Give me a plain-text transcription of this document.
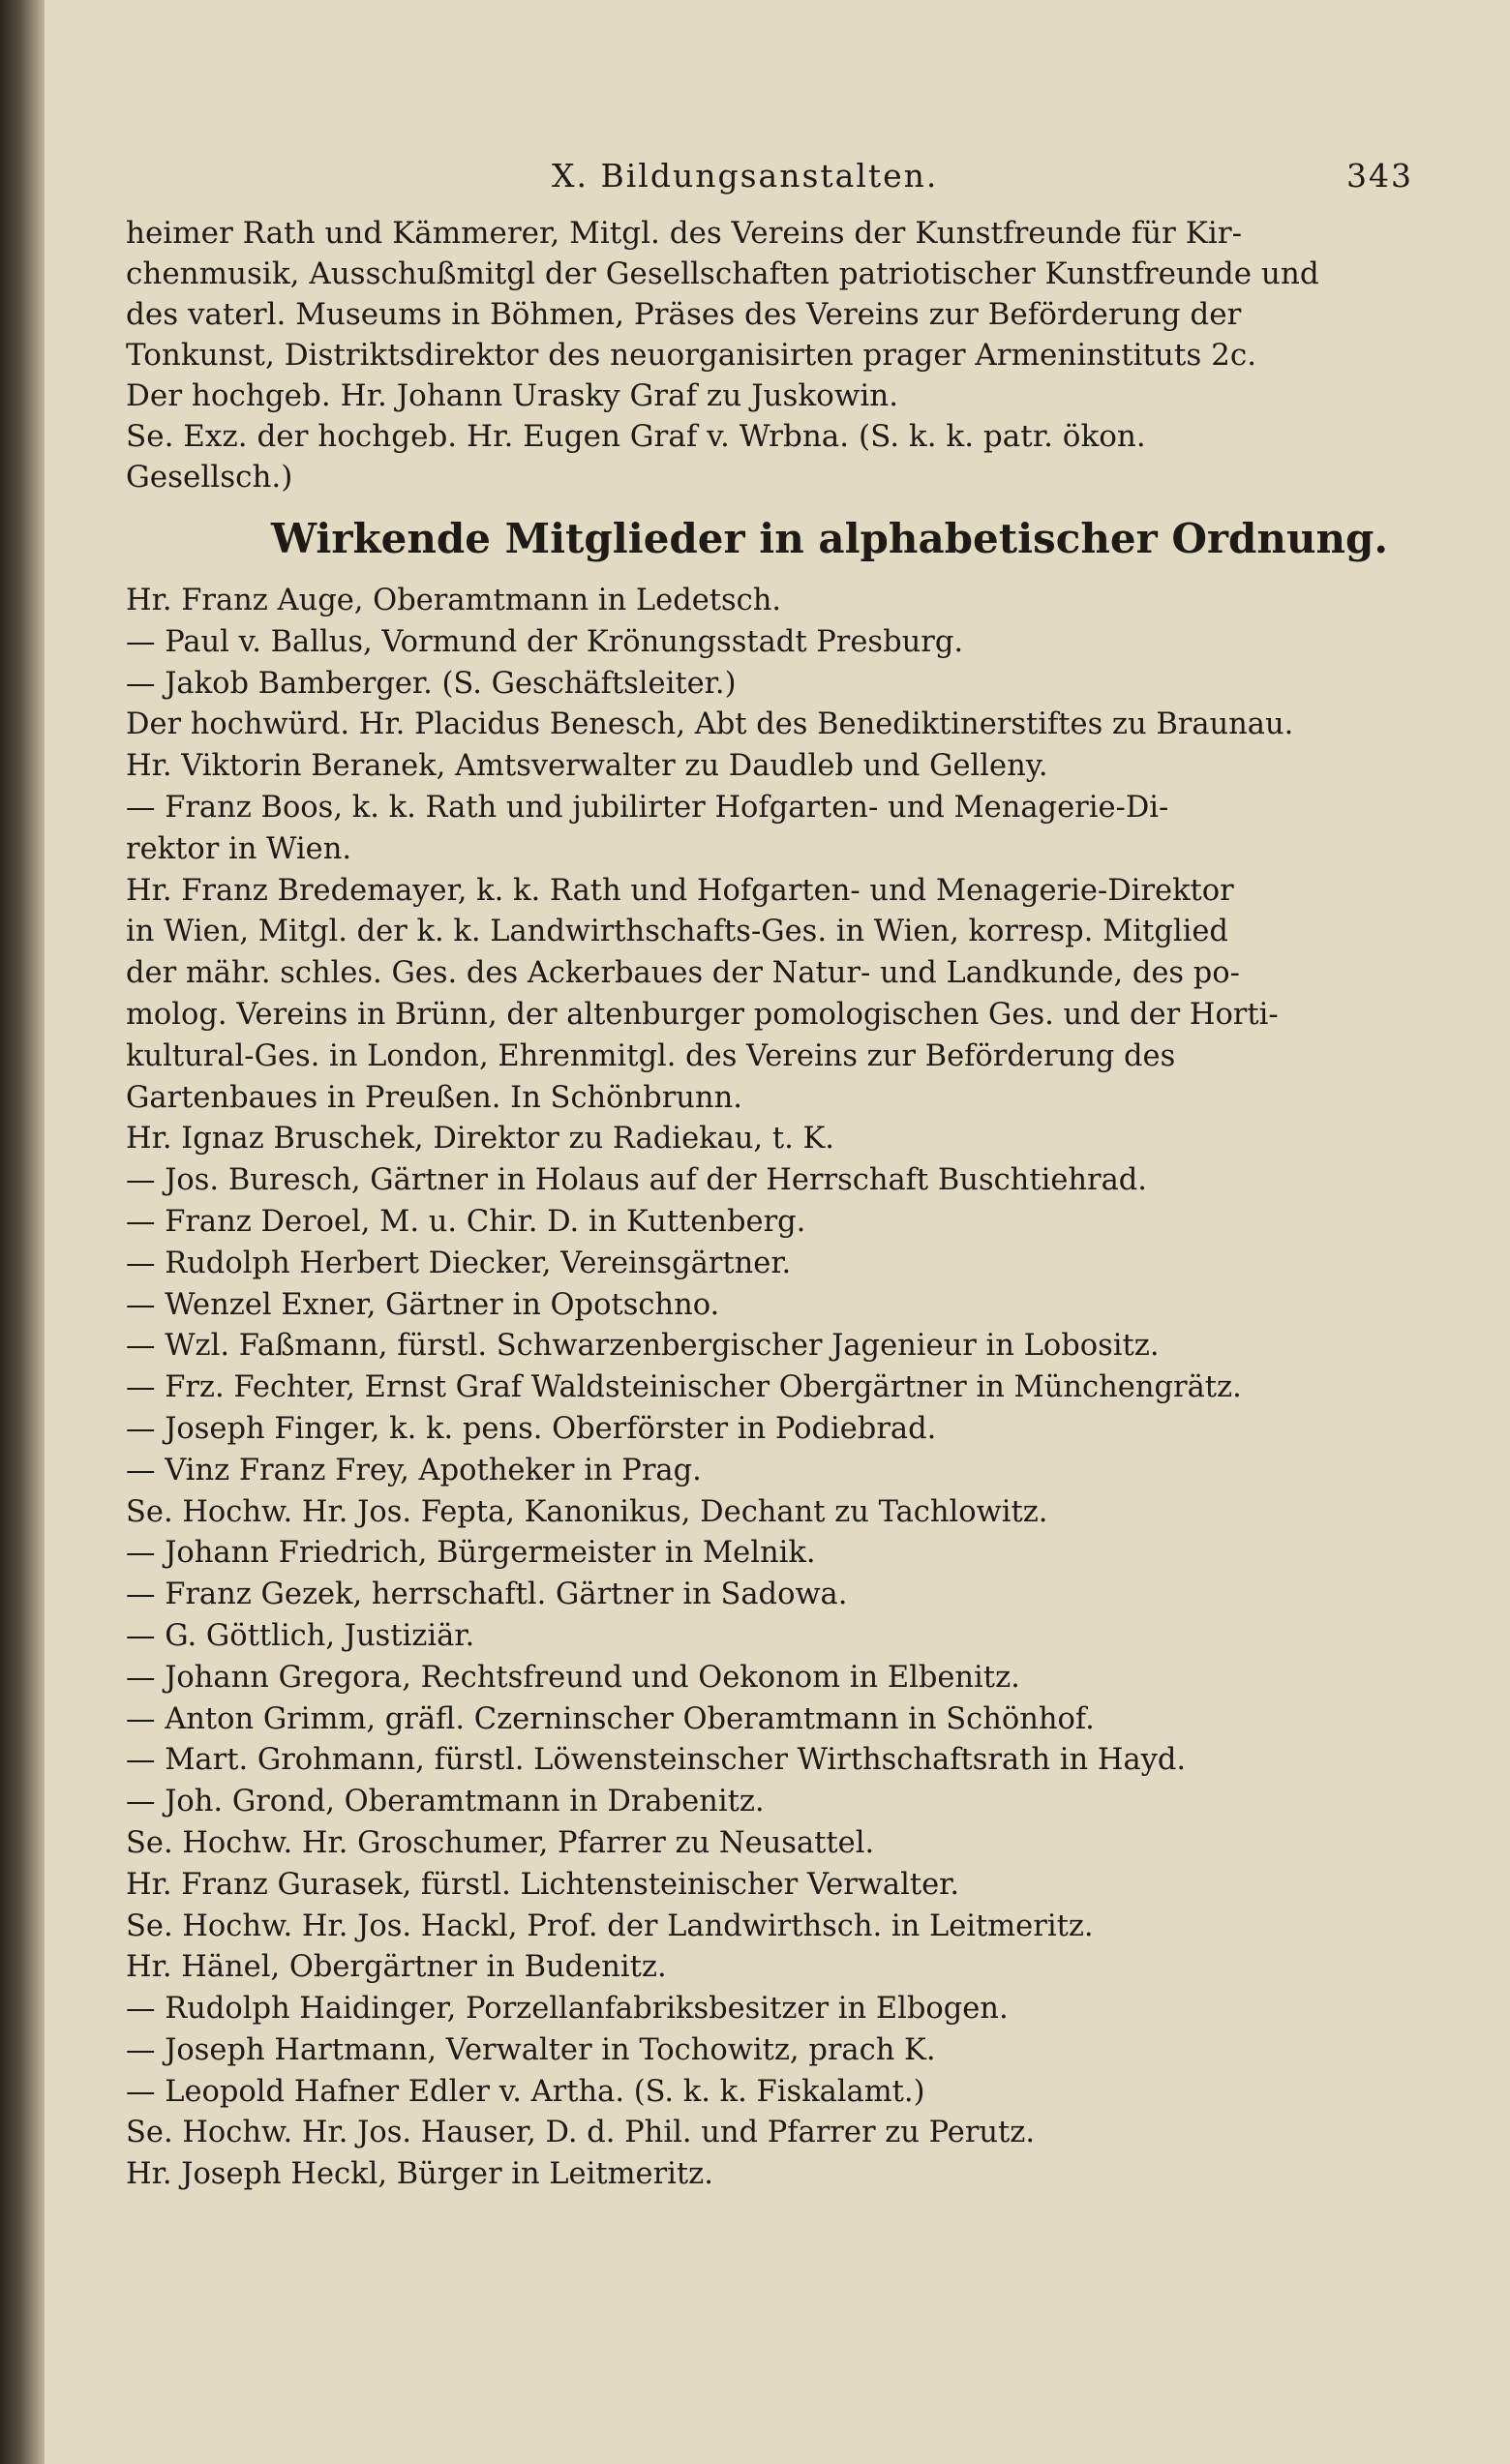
X. Bildungsanstalten.	343
heimer Rath und Kämmerer, Mitgl. des Vereins der Kunstfreunde für Kir-
chenmusik, Ausschußmitgl der Gesellschaften patriotischer Kunstfreunde und
des vaterl. Museums in Böhmen, Präses des Vereins zur Beförderung der
Tonkunst, Distriktsdirektor des neuorganisirten prager Armeninstituts 2c.
Der hochgeb. Hr. Johann Urasky Graf zu Juskowin.
Se. Exz. der hochgeb. Hr. Eugen Graf v. Wrbna. (S. k. k. patr. ökon.
Gesellsch.)
Wirkende Mitglieder in alphabetischer Ordnung.
Hr. Franz Auge, Oberamtmann in Ledetsch.
— Paul v. Ballus, Vormund der Krönungsstadt Presburg.
— Jakob Bamberger. (S. Geschäftsleiter.)
Der hochwürd. Hr. Placidus Benesch, Abt des Benediktinerstiftes zu Braunau.
Hr. Viktorin Beranek, Amtsverwalter zu Daudleb und Gelleny.
— Franz Boos, k. k. Rath und jubilirter Hofgarten- und Menagerie-Di-
rektor in Wien.
Hr. Franz Bredemayer, k. k. Rath und Hofgarten- und Menagerie-Direktor
in Wien, Mitgl. der k. k. Landwirthschafts-Ges. in Wien, korresp. Mitglied
der mähr. schles. Ges. des Ackerbaues der Natur- und Landkunde, des po-
molog. Vereins in Brünn, der altenburger pomologischen Ges. und der Horti-
kultural-Ges. in London, Ehrenmitgl. des Vereins zur Beförderung des
Gartenbaues in Preußen. In Schönbrunn.
Hr. Ignaz Bruschek, Direktor zu Radiekau, t. K.
— Jos. Buresch, Gärtner in Holaus auf der Herrschaft Buschtiehrad.
— Franz Deroel, M. u. Chir. D. in Kuttenberg.
— Rudolph Herbert Diecker, Vereinsgärtner.
— Wenzel Exner, Gärtner in Opotschno.
— Wzl. Faßmann, fürstl. Schwarzenbergischer Jagenieur in Lobositz.
— Frz. Fechter, Ernst Graf Waldsteinischer Obergärtner in Münchengrätz.
— Joseph Finger, k. k. pens. Oberförster in Podiebrad.
— Vinz Franz Frey, Apotheker in Prag.
Se. Hochw. Hr. Jos. Fepta, Kanonikus, Dechant zu Tachlowitz.
— Johann Friedrich, Bürgermeister in Melnik.
— Franz Gezek, herrschaftl. Gärtner in Sadowa.
— G. Göttlich, Justiziär.
— Johann Gregora, Rechtsfreund und Oekonom in Elbenitz.
— Anton Grimm, gräfl. Czerninscher Oberamtmann in Schönhof.
— Mart. Grohmann, fürstl. Löwensteinscher Wirthschaftsrath in Hayd.
— Joh. Grond, Oberamtmann in Drabenitz.
Se. Hochw. Hr. Groschumer, Pfarrer zu Neusattel.
Hr. Franz Gurasek, fürstl. Lichtensteinischer Verwalter.
Se. Hochw. Hr. Jos. Hackl, Prof. der Landwirthsch. in Leitmeritz.
Hr. Hänel, Obergärtner in Budenitz.
— Rudolph Haidinger, Porzellanfabriksbesitzer in Elbogen.
— Joseph Hartmann, Verwalter in Tochowitz, prach K.
— Leopold Hafner Edler v. Artha. (S. k. k. Fiskalamt.)
Se. Hochw. Hr. Jos. Hauser, D. d. Phil. und Pfarrer zu Perutz.
Hr. Joseph Heckl, Bürger in Leitmeritz.
